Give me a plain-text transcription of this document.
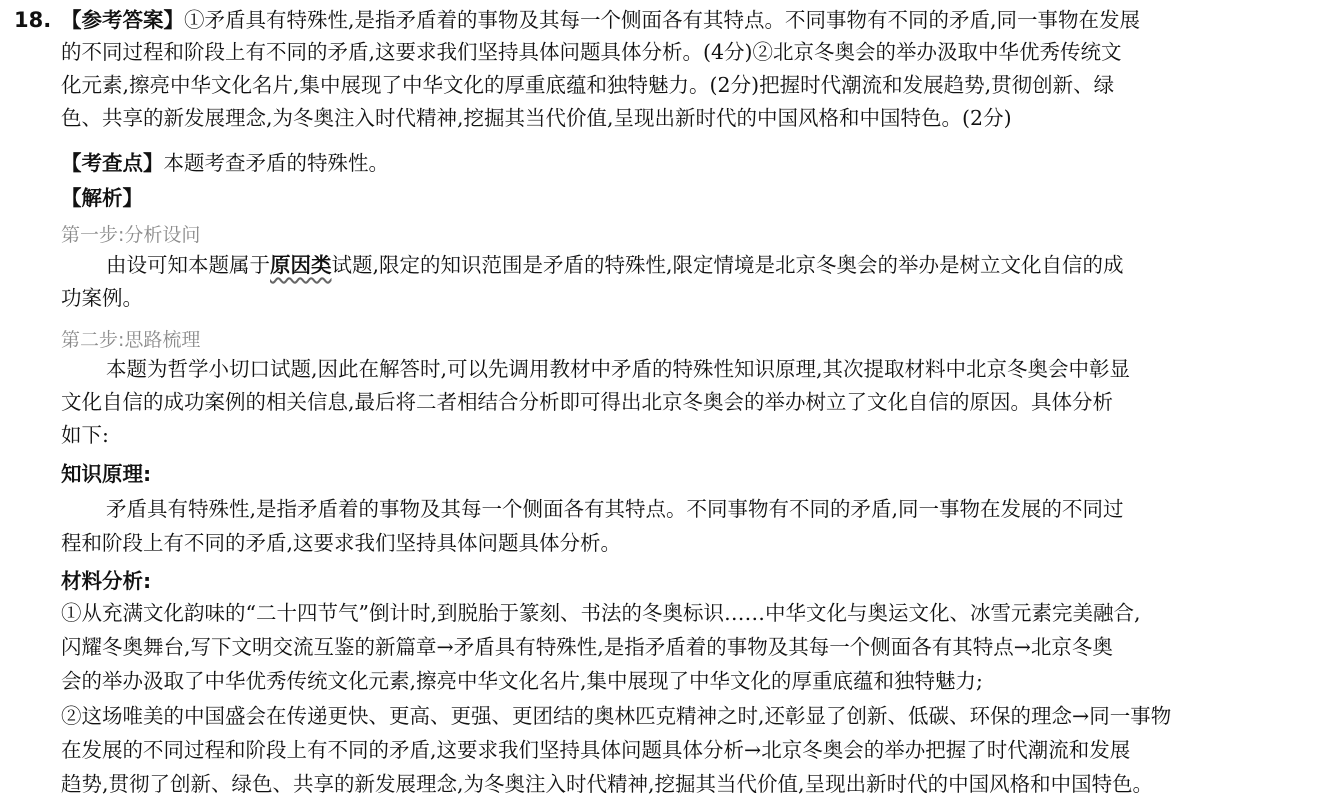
18. 【参考答案】①矛盾具有特殊性,是指矛盾着的事物及其每一个侧面各有其特点。不同事物有不同的矛盾,同一事物在发展
的不同过程和阶段上有不同的矛盾,这要求我们坚持具体问题具体分析。(4分)②北京冬奥会的举办汲取中华优秀传统文
化元素,擦亮中华文化名片,集中展现了中华文化的厚重底蕴和独特魅力。(2分)把握时代潮流和发展趋势,贯彻创新、绿
色、共享的新发展理念,为冬奥注入时代精神,挖掘其当代价值,呈现出新时代的中国风格和中国特色。(2分)
【考查点】本题考查矛盾的特殊性。
【解析】
第一步:分析设问
由设可知本题属于原因类试题,限定的知识范围是矛盾的特殊性,限定情境是北京冬奥会的举办是树立文化自信的成
功案例。
第二步:思路梳理
本题为哲学小切口试题,因此在解答时,可以先调用教材中矛盾的特殊性知识原理,其次提取材料中北京冬奥会中彰显
文化自信的成功案例的相关信息,最后将二者相结合分析即可得出北京冬奥会的举办树立了文化自信的原因。具体分析
如下:
知识原理:
矛盾具有特殊性,是指矛盾着的事物及其每一个侧面各有其特点。不同事物有不同的矛盾,同一事物在发展的不同过
程和阶段上有不同的矛盾,这要求我们坚持具体问题具体分析。
材料分析:
①从充满文化韵味的“二十四节气”倒计时,到脱胎于篆刻、书法的冬奥标识……中华文化与奥运文化、冰雪元素完美融合,
闪耀冬奥舞台,写下文明交流互鉴的新篇章→矛盾具有特殊性,是指矛盾着的事物及其每一个侧面各有其特点→北京冬奥
会的举办汲取了中华优秀传统文化元素,擦亮中华文化名片,集中展现了中华文化的厚重底蕴和独特魅力;
②这场唯美的中国盛会在传递更快、更高、更强、更团结的奥林匹克精神之时,还彰显了创新、低碳、环保的理念→同一事物
在发展的不同过程和阶段上有不同的矛盾,这要求我们坚持具体问题具体分析→北京冬奥会的举办把握了时代潮流和发展
趋势,贯彻了创新、绿色、共享的新发展理念,为冬奥注入时代精神,挖掘其当代价值,呈现出新时代的中国风格和中国特色。
